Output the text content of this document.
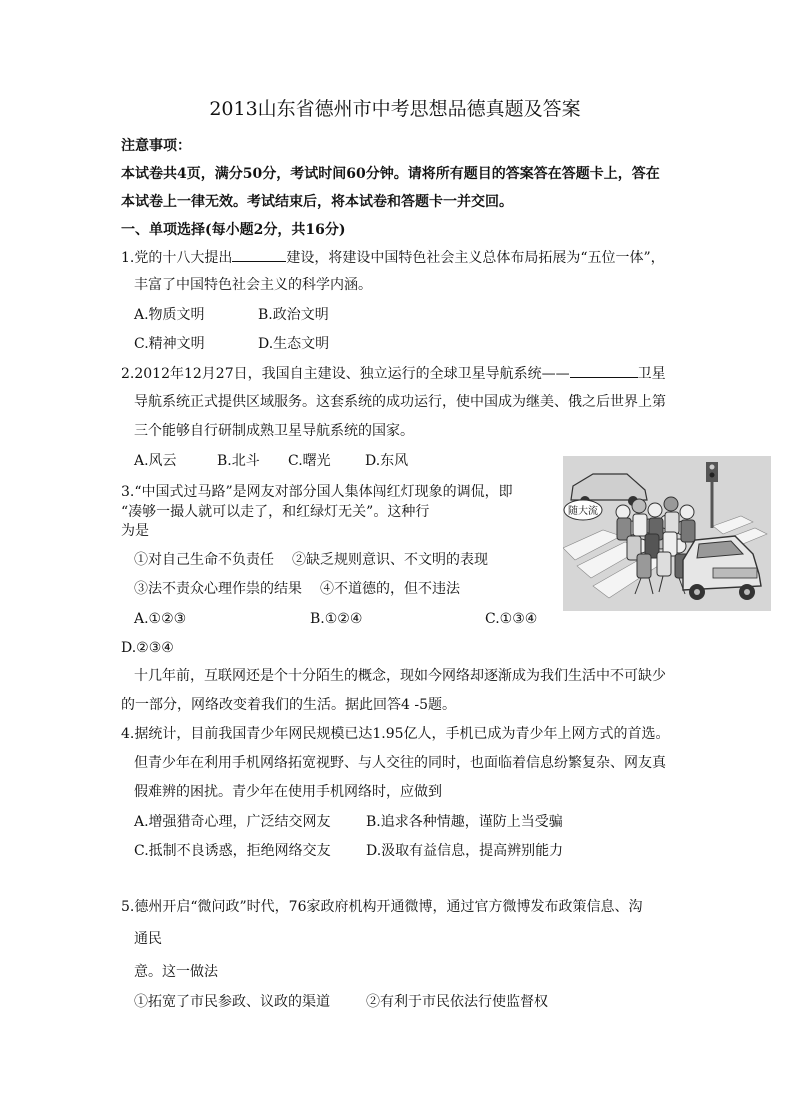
2013山东省德州市中考思想品德真题及答案
注意事项：
本试卷共4页，满分50分，考试时间60分钟。请将所有题目的答案答在答题卡上，答在
本试卷上一律无效。考试结束后，将本试卷和答题卡一并交回。
一、单项选择(每小题2分，共16分)
1.党的十八大提出	建设，将建设中国特色社会主义总体布局拓展为“五位一体”，
丰富了中国特色社会主义的科学内涵。
A.物质文明	B.政治文明
C.精神文明	D.生态文明
2.2012年12月27日，我国自主建设、独立运行的全球卫星导航系统——	卫星
导航系统正式提供区域服务。这套系统的成功运行，使中国成为继美、俄之后世界上第
三个能够自行研制成熟卫星导航系统的国家。
A.风云	B.北斗 C.曙光 D.东风
3.“中国式过马路”是网友对部分国人集体闯红灯现象的调侃，即
“凑够一撮人就可以走了，和红绿灯无关”。这种行
为是
①对自己生命不负责任 ②缺乏规则意识、不文明的表现
③法不责众心理作祟的结果 ④不道德的，但不违法
A.①②③	B.①②④	C.①③④
D.②③④
随大流
十几年前，互联网还是个十分陌生的概念，现如今网络却逐渐成为我们生活中不可缺少
的一部分，网络改变着我们的生活。据此回答4 -5题。
4.据统计，目前我国青少年网民规模已达1.95亿人，手机已成为青少年上网方式的首选。
但青少年在利用手机网络拓宽视野、与人交往的同时，也面临着信息纷繁复杂、网友真
假难辨的困扰。青少年在使用手机网络时，应做到
A.增强猎奇心理，广泛结交网友	B.追求各种情趣，谨防上当受骗
C.抵制不良诱惑，拒绝网络交友	D.汲取有益信息，提高辨别能力
5.德州开启“微问政”时代，76家政府机构开通微博，通过官方微博发布政策信息、沟
通民
意。这一做法
①拓宽了市民参政、议政的渠道	②有利于市民依法行使监督权
